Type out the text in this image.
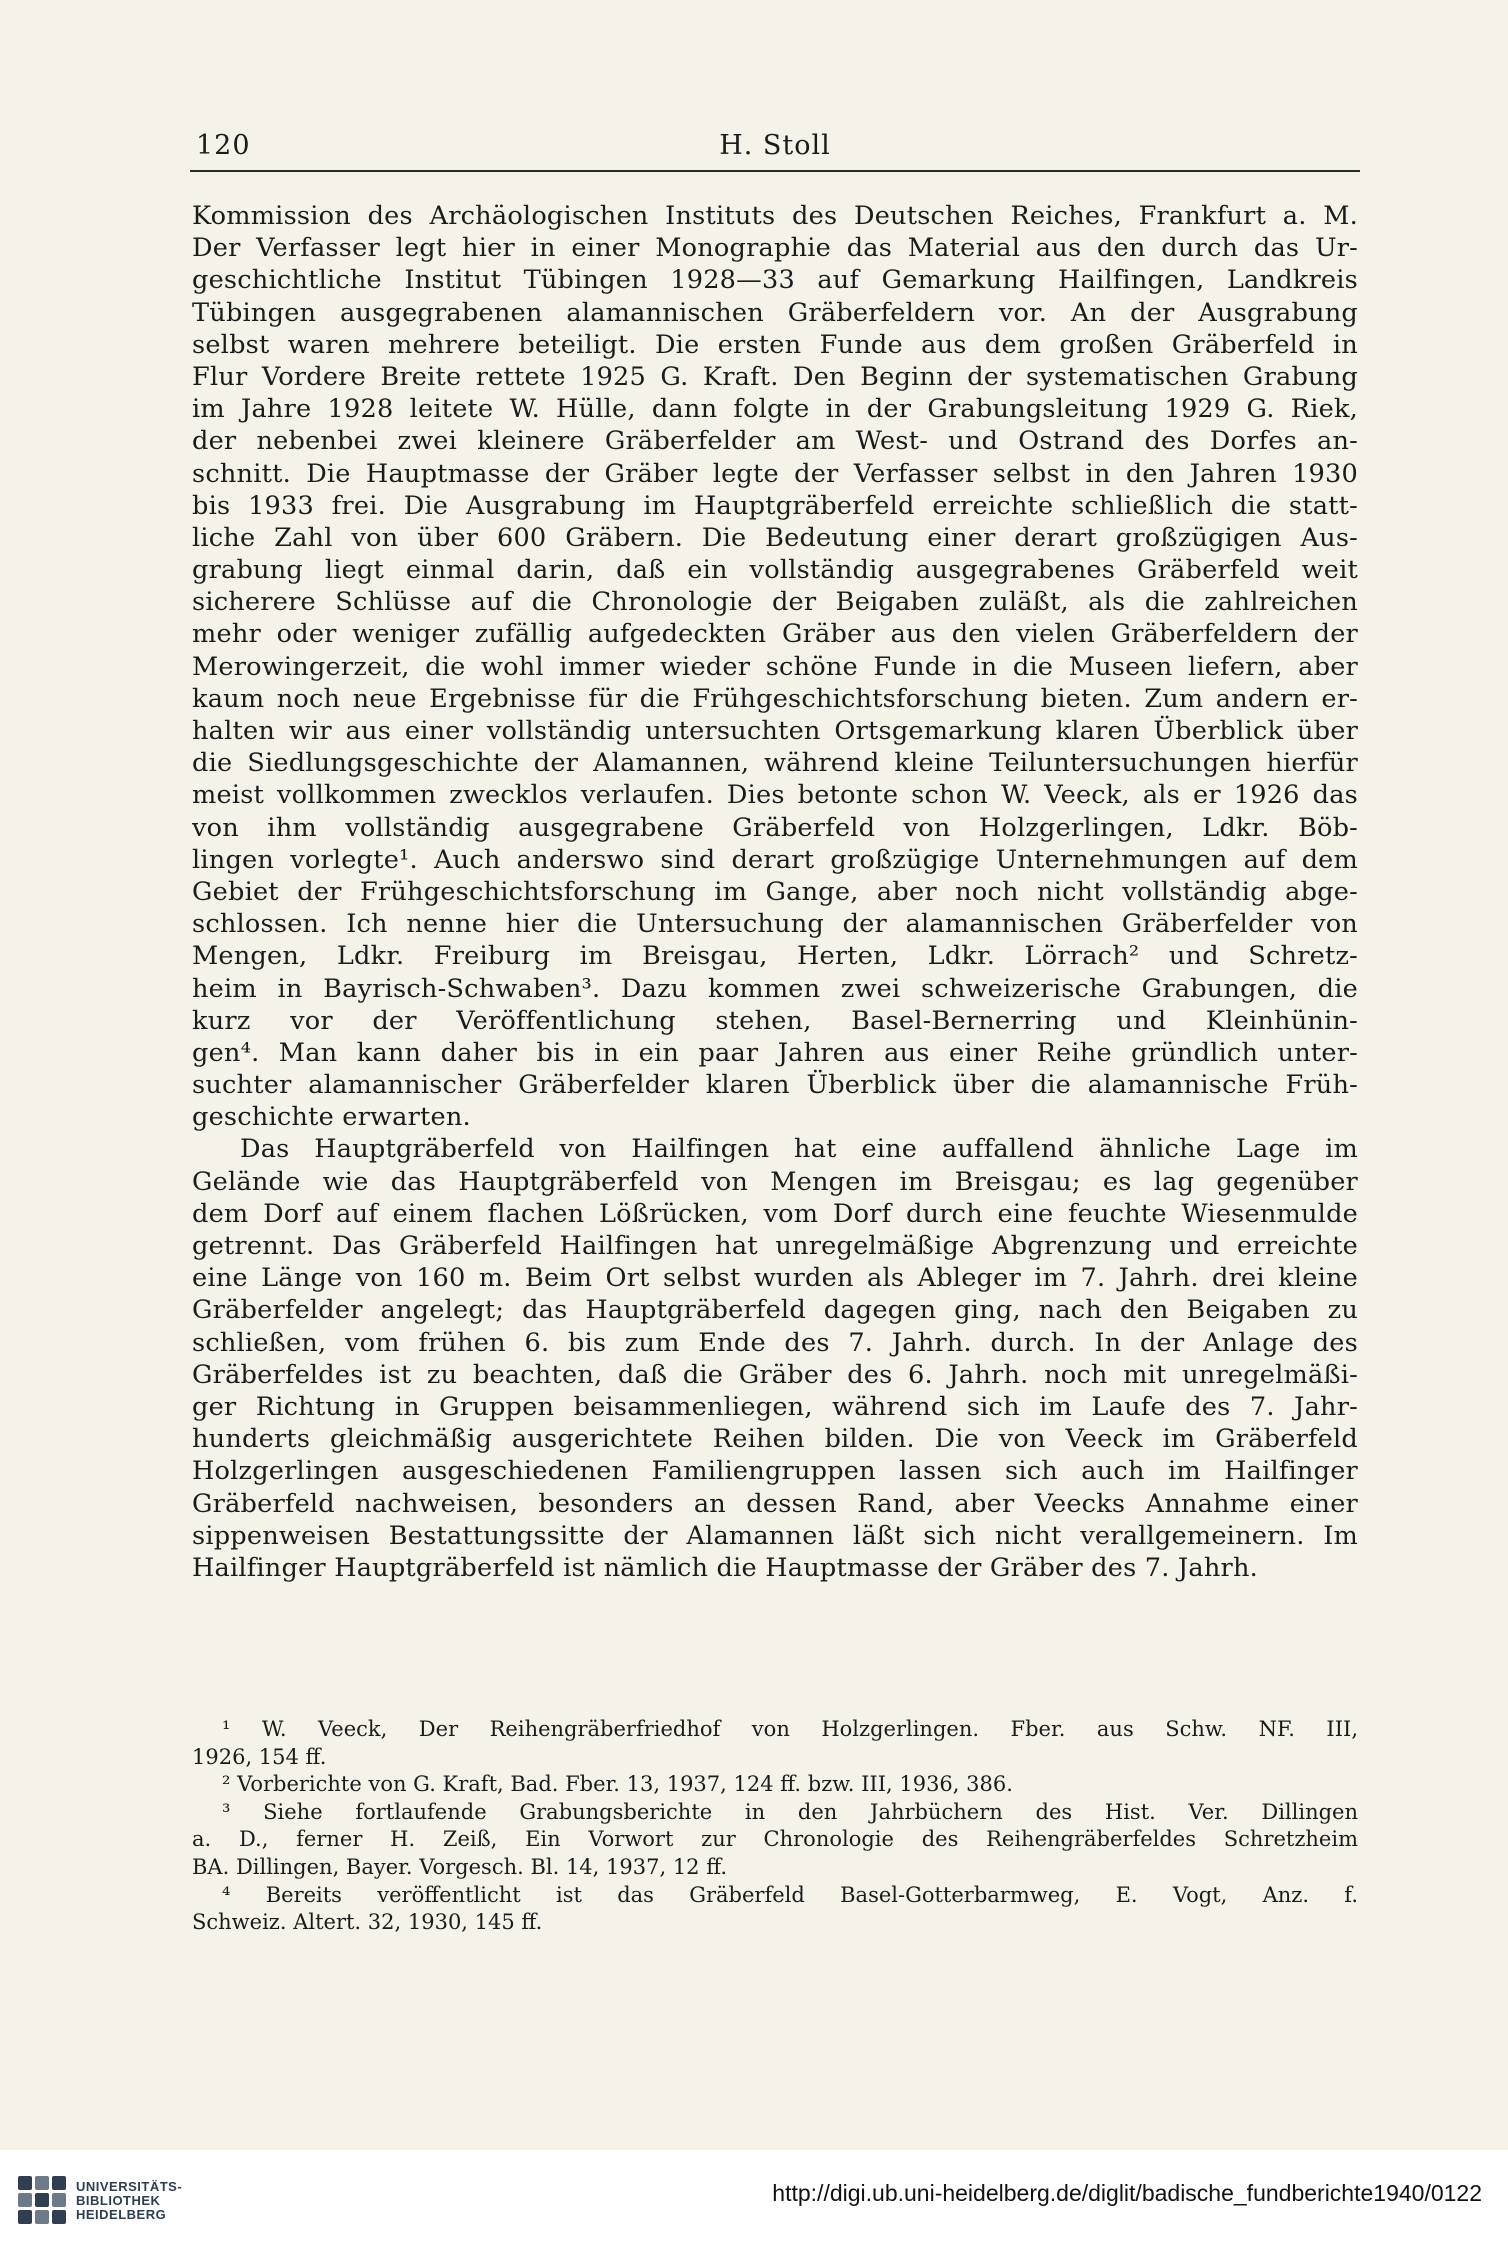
120	H. Stoll
Kommission des Archäologischen Instituts des Deutschen Reiches, Frankfurt a. M.
Der Verfasser legt hier in einer Monographie das Material aus den durch das Ur-
geschichtliche Institut Tübingen 1928—33 auf Gemarkung Hailfingen, Landkreis
Tübingen ausgegrabenen alamannischen Gräberfeldern vor. An der Ausgrabung
selbst waren mehrere beteiligt. Die ersten Funde aus dem großen Gräberfeld in
Flur Vordere Breite rettete 1925 G. Kraft. Den Beginn der systematischen Grabung
im Jahre 1928 leitete W. Hülle, dann folgte in der Grabungsleitung 1929 G. Riek,
der nebenbei zwei kleinere Gräberfelder am West- und Ostrand des Dorfes an-
schnitt. Die Hauptmasse der Gräber legte der Verfasser selbst in den Jahren 1930
bis 1933 frei. Die Ausgrabung im Hauptgräberfeld erreichte schließlich die statt-
liche Zahl von über 600 Gräbern. Die Bedeutung einer derart großzügigen Aus-
grabung liegt einmal darin, daß ein vollständig ausgegrabenes Gräberfeld weit
sicherere Schlüsse auf die Chronologie der Beigaben zuläßt, als die zahlreichen
mehr oder weniger zufällig aufgedeckten Gräber aus den vielen Gräberfeldern der
Merowingerzeit, die wohl immer wieder schöne Funde in die Museen liefern, aber
kaum noch neue Ergebnisse für die Frühgeschichtsforschung bieten. Zum andern er-
halten wir aus einer vollständig untersuchten Ortsgemarkung klaren Überblick über
die Siedlungsgeschichte der Alamannen, während kleine Teiluntersuchungen hierfür
meist vollkommen zwecklos verlaufen. Dies betonte schon W. Veeck, als er 1926 das
von ihm vollständig ausgegrabene Gräberfeld von Holzgerlingen, Ldkr. Böb-
lingen vorlegte¹. Auch anderswo sind derart großzügige Unternehmungen auf dem
Gebiet der Frühgeschichtsforschung im Gange, aber noch nicht vollständig abge-
schlossen. Ich nenne hier die Untersuchung der alamannischen Gräberfelder von
Mengen, Ldkr. Freiburg im Breisgau, Herten, Ldkr. Lörrach² und Schretz-
heim in Bayrisch-Schwaben³. Dazu kommen zwei schweizerische Grabungen, die
kurz vor der Veröffentlichung stehen, Basel-Bernerring und Kleinhünin-
gen⁴. Man kann daher bis in ein paar Jahren aus einer Reihe gründlich unter-
suchter alamannischer Gräberfelder klaren Überblick über die alamannische Früh-
geschichte erwarten.
Das Hauptgräberfeld von Hailfingen hat eine auffallend ähnliche Lage im
Gelände wie das Hauptgräberfeld von Mengen im Breisgau; es lag gegenüber
dem Dorf auf einem flachen Lößrücken, vom Dorf durch eine feuchte Wiesenmulde
getrennt. Das Gräberfeld Hailfingen hat unregelmäßige Abgrenzung und erreichte
eine Länge von 160 m. Beim Ort selbst wurden als Ableger im 7. Jahrh. drei kleine
Gräberfelder angelegt; das Hauptgräberfeld dagegen ging, nach den Beigaben zu
schließen, vom frühen 6. bis zum Ende des 7. Jahrh. durch. In der Anlage des
Gräberfeldes ist zu beachten, daß die Gräber des 6. Jahrh. noch mit unregelmäßi-
ger Richtung in Gruppen beisammenliegen, während sich im Laufe des 7. Jahr-
hunderts gleichmäßig ausgerichtete Reihen bilden. Die von Veeck im Gräberfeld
Holzgerlingen ausgeschiedenen Familiengruppen lassen sich auch im Hailfinger
Gräberfeld nachweisen, besonders an dessen Rand, aber Veecks Annahme einer
sippenweisen Bestattungssitte der Alamannen läßt sich nicht verallgemeinern. Im
Hailfinger Hauptgräberfeld ist nämlich die Hauptmasse der Gräber des 7. Jahrh.
¹ W. Veeck, Der Reihengräberfriedhof von Holzgerlingen. Fber. aus Schw. NF. III,
1926, 154 ff.
² Vorberichte von G. Kraft, Bad. Fber. 13, 1937, 124 ff. bzw. III, 1936, 386.
³ Siehe fortlaufende Grabungsberichte in den Jahrbüchern des Hist. Ver. Dillingen
a. D., ferner H. Zeiß, Ein Vorwort zur Chronologie des Reihengräberfeldes Schretzheim
BA. Dillingen, Bayer. Vorgesch. Bl. 14, 1937, 12 ff.
⁴ Bereits veröffentlicht ist das Gräberfeld Basel-Gotterbarmweg, E. Vogt, Anz. f.
Schweiz. Altert. 32, 1930, 145 ff.
UNIVERSITÄTS-
BIBLIOTHEK
HEIDELBERG
http://digi.ub.uni-heidelberg.de/diglit/badische_fundberichte1940/0122
